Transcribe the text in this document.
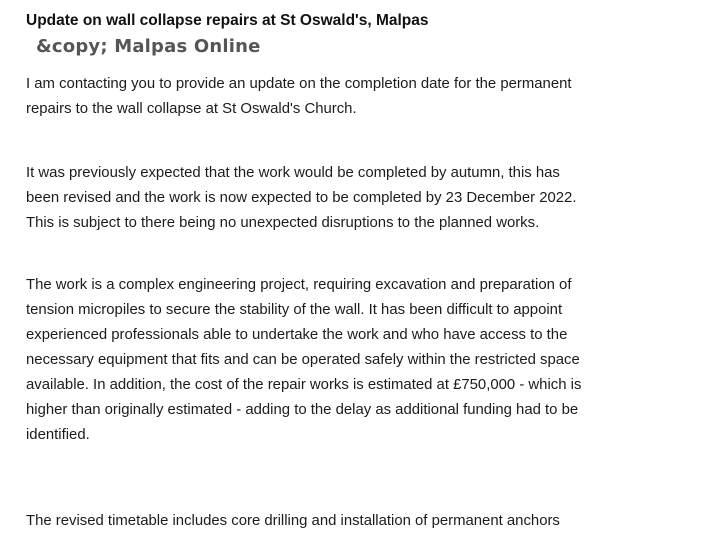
Update on wall collapse repairs at St Oswald's, Malpas
&copy; Malpas Online
I am contacting you to provide an update on the completion date for the permanent
repairs to the wall collapse at St Oswald's Church.
It was previously expected that the work would be completed by autumn, this has
been revised and the work is now expected to be completed by 23 December 2022.
This is subject to there being no unexpected disruptions to the planned works.
The work is a complex engineering project, requiring excavation and preparation of
tension micropiles to secure the stability of the wall. It has been difficult to appoint
experienced professionals able to undertake the work and who have access to the
necessary equipment that fits and can be operated safely within the restricted space
available. In addition, the cost of the repair works is estimated at £750,000 - which is
higher than originally estimated - adding to the delay as additional funding had to be
identified.
The revised timetable includes core drilling and installation of permanent anchors
